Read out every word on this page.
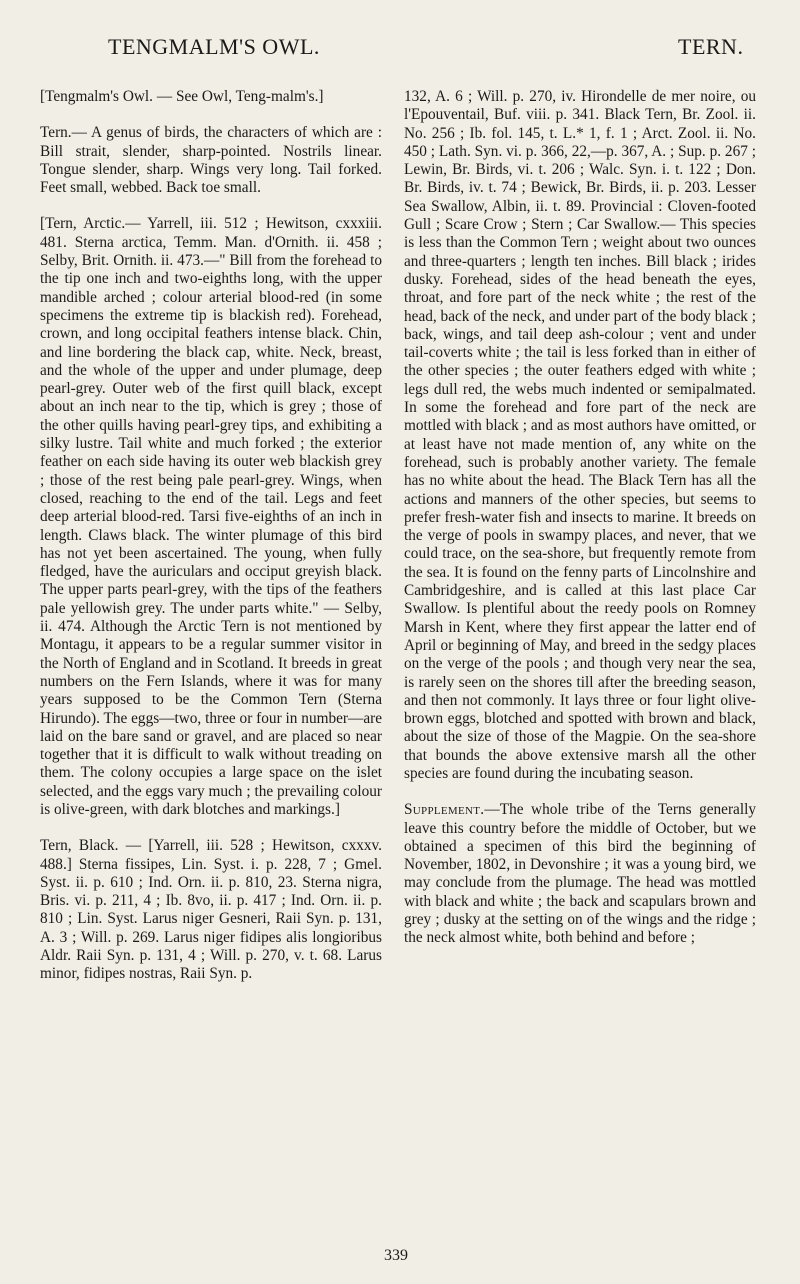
TENGMALM'S OWL.	TERN.

[Tengmalm's Owl. — See Owl, Teng-malm's.]

Tern.— A genus of birds, the characters of which are : Bill strait, slender, sharp-pointed. Nostrils linear. Tongue slender, sharp. Wings very long. Tail forked. Feet small, webbed. Back toe small.

[Tern, Arctic.— Yarrell, iii. 512 ; Hewitson, cxxxiii. 481. Sterna arctica, Temm. Man. d'Ornith. ii. 458 ; Selby, Brit. Ornith. ii. 473.—" Bill from the forehead to the tip one inch and two-eighths long, with the upper mandible arched ; colour arterial blood-red (in some specimens the extreme tip is blackish red). Forehead, crown, and long occipital feathers intense black. Chin, and line bordering the black cap, white. Neck, breast, and the whole of the upper and under plumage, deep pearl-grey. Outer web of the first quill black, except about an inch near to the tip, which is grey ; those of the other quills having pearl-grey tips, and exhibiting a silky lustre. Tail white and much forked ; the exterior feather on each side having its outer web blackish grey ; those of the rest being pale pearl-grey. Wings, when closed, reaching to the end of the tail. Legs and feet deep arterial blood-red. Tarsi five-eighths of an inch in length. Claws black. The winter plumage of this bird has not yet been ascertained. The young, when fully fledged, have the auriculars and occiput greyish black. The upper parts pearl-grey, with the tips of the feathers pale yellowish grey. The under parts white." — Selby, ii. 474. Although the Arctic Tern is not mentioned by Montagu, it appears to be a regular summer visitor in the North of England and in Scotland. It breeds in great numbers on the Fern Islands, where it was for many years supposed to be the Common Tern (Sterna Hirundo). The eggs—two, three or four in number—are laid on the bare sand or gravel, and are placed so near together that it is difficult to walk without treading on them. The colony occupies a large space on the islet selected, and the eggs vary much ; the prevailing colour is olive-green, with dark blotches and markings.]

Tern, Black. — [Yarrell, iii. 528 ; Hewitson, cxxxv. 488.] Sterna fissipes, Lin. Syst. i. p. 228, 7 ; Gmel. Syst. ii. p. 610 ; Ind. Orn. ii. p. 810, 23. Sterna nigra, Bris. vi. p. 211, 4 ; Ib. 8vo, ii. p. 417 ; Ind. Orn. ii. p. 810 ; Lin. Syst. Larus niger Gesneri, Raii Syn. p. 131, A. 3 ; Will. p. 269. Larus niger fidipes alis longioribus Aldr. Raii Syn. p. 131, 4 ; Will. p. 270, v. t. 68. Larus minor, fidipes nostras, Raii Syn. p.

132, A. 6 ; Will. p. 270, iv. Hirondelle de mer noire, ou l'Epouventail, Buf. viii. p. 341. Black Tern, Br. Zool. ii. No. 256 ; Ib. fol. 145, t. L.* 1, f. 1 ; Arct. Zool. ii. No. 450 ; Lath. Syn. vi. p. 366, 22,—p. 367, A. ; Sup. p. 267 ; Lewin, Br. Birds, vi. t. 206 ; Walc. Syn. i. t. 122 ; Don. Br. Birds, iv. t. 74 ; Bewick, Br. Birds, ii. p. 203. Lesser Sea Swallow, Albin, ii. t. 89. Provincial : Cloven-footed Gull ; Scare Crow ; Stern ; Car Swallow.— This species is less than the Common Tern ; weight about two ounces and three-quarters ; length ten inches. Bill black ; irides dusky. Forehead, sides of the head beneath the eyes, throat, and fore part of the neck white ; the rest of the head, back of the neck, and under part of the body black ; back, wings, and tail deep ash-colour ; vent and under tail-coverts white ; the tail is less forked than in either of the other species ; the outer feathers edged with white ; legs dull red, the webs much indented or semipalmated. In some the forehead and fore part of the neck are mottled with black ; and as most authors have omitted, or at least have not made mention of, any white on the forehead, such is probably another variety. The female has no white about the head. The Black Tern has all the actions and manners of the other species, but seems to prefer fresh-water fish and insects to marine. It breeds on the verge of pools in swampy places, and never, that we could trace, on the sea-shore, but frequently remote from the sea. It is found on the fenny parts of Lincolnshire and Cambridgeshire, and is called at this last place Car Swallow. Is plentiful about the reedy pools on Romney Marsh in Kent, where they first appear the latter end of April or beginning of May, and breed in the sedgy places on the verge of the pools ; and though very near the sea, is rarely seen on the shores till after the breeding season, and then not commonly. It lays three or four light olive-brown eggs, blotched and spotted with brown and black, about the size of those of the Magpie. On the sea-shore that bounds the above extensive marsh all the other species are found during the incubating season.

Supplement.—The whole tribe of the Terns generally leave this country before the middle of October, but we obtained a specimen of this bird the beginning of November, 1802, in Devonshire ; it was a young bird, we may conclude from the plumage. The head was mottled with black and white ; the back and scapulars brown and grey ; dusky at the setting on of the wings and the ridge ; the neck almost white, both behind and before ;

339
